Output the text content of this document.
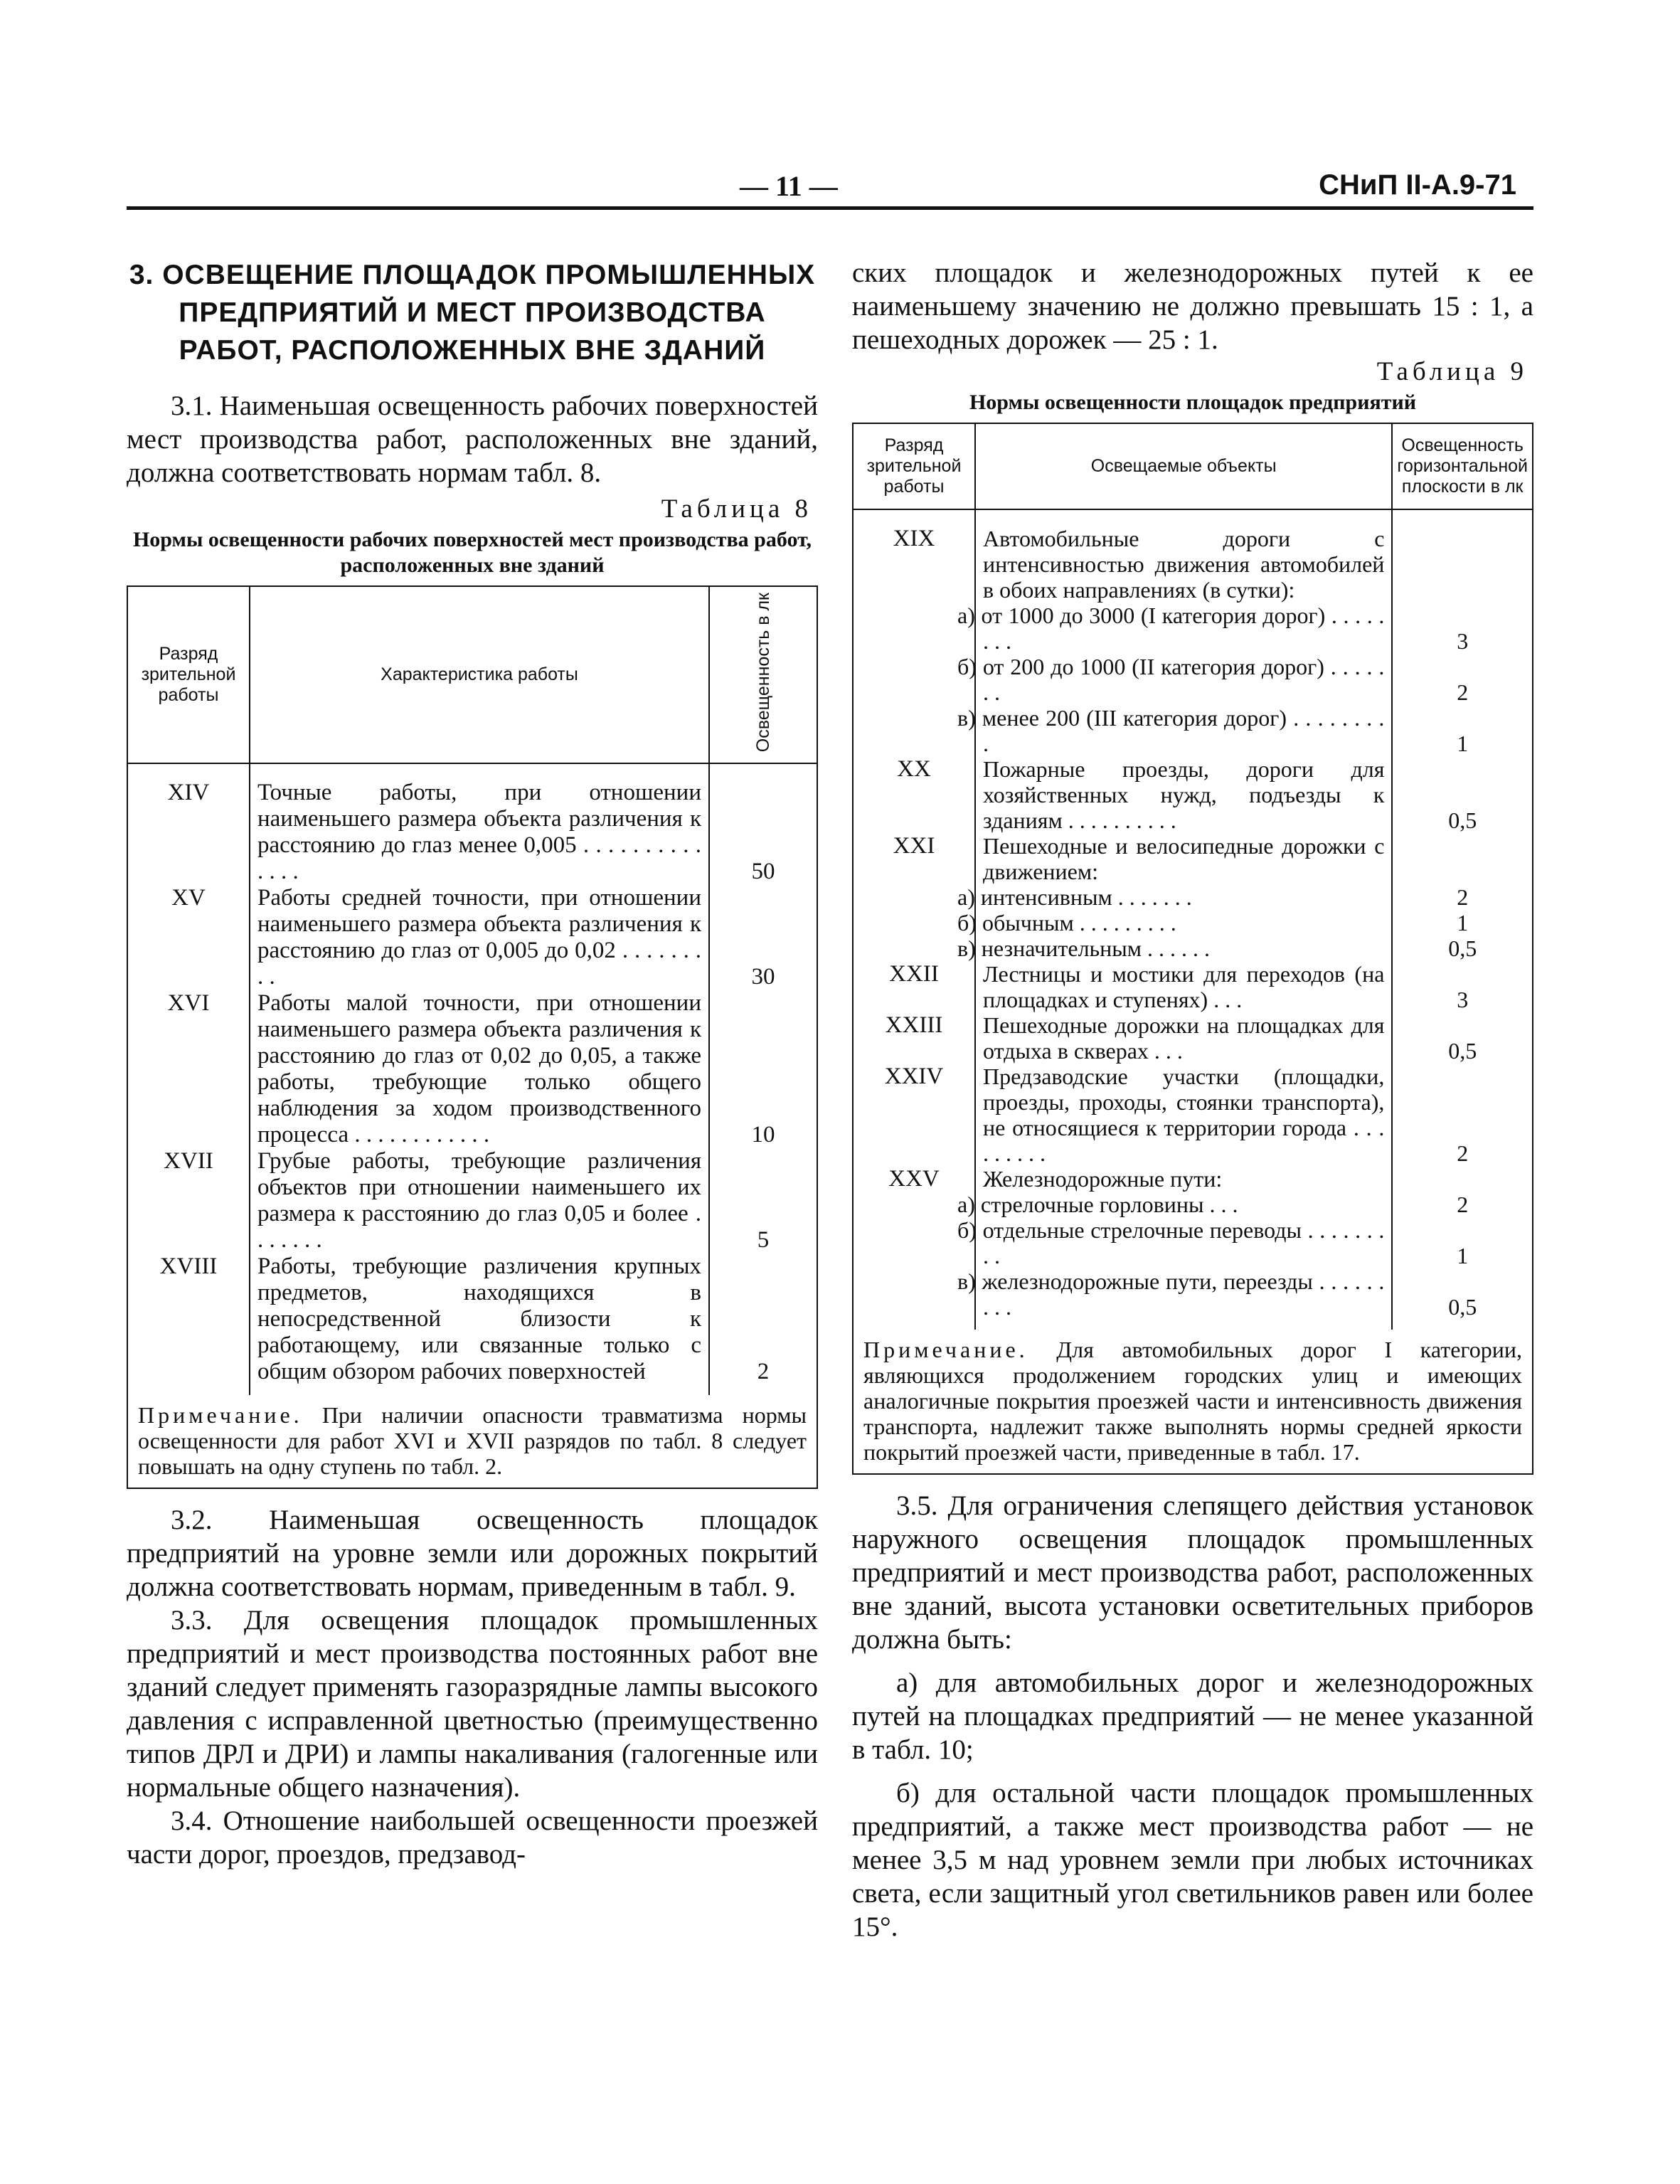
— 11 —	СНиП II-А.9-71
3. ОСВЕЩЕНИЕ ПЛОЩАДОК ПРОМЫШЛЕННЫХ ПРЕДПРИЯТИЙ И МЕСТ ПРОИЗВОДСТВА РАБОТ, РАСПОЛОЖЕННЫХ ВНЕ ЗДАНИЙ

3.1. Наименьшая освещенность рабочих поверхностей мест производства работ, расположенных вне зданий, должна соответствовать нормам табл. 8.

Таблица 8
Нормы освещенности рабочих поверхностей мест производства работ, расположенных вне зданий
Разряд зрительной работы	Характеристика работы	Освещенность в лк
XIV	Точные работы, при отношении наименьшего размера объекта различения к расстоянию до глаз менее 0,005 . . . . . . . . . . . . . .	50
XV	Работы средней точности, при отношении наименьшего размера объекта различения к расстоянию до глаз от 0,005 до 0,02 . . . . . . . . .	30
XVI	Работы малой точности, при отношении наименьшего размера объекта различения к расстоянию до глаз от 0,02 до 0,05, а также работы, требующие только общего наблюдения за ходом производственного процесса . . . . . . . . . . . .	10
XVII	Грубые работы, требующие различения объектов при отношении наименьшего их размера к расстоянию до глаз 0,05 и более . . . . . . .	5
XVIII	Работы, требующие различения крупных предметов, находящихся в непосредственной близости к работающему, или связанные только с общим обзором рабочих поверхностей	2
Примечание. При наличии опасности травматизма нормы освещенности для работ XVI и XVII разрядов по табл. 8 следует повышать на одну ступень по табл. 2.

3.2. Наименьшая освещенность площадок предприятий на уровне земли или дорожных покрытий должна соответствовать нормам, приведенным в табл. 9.

3.3. Для освещения площадок промышленных предприятий и мест производства постоянных работ вне зданий следует применять газоразрядные лампы высокого давления с исправленной цветностью (преимущественно типов ДРЛ и ДРИ) и лампы накаливания (галогенные или нормальные общего назначения).

3.4. Отношение наибольшей освещенности проезжей части дорог, проездов, предзавод-

ских площадок и железнодорожных путей к ее наименьшему значению не должно превышать 15 : 1, а пешеходных дорожек — 25 : 1.

Таблица 9
Нормы освещенности площадок предприятий
Разряд зрительной работы	Освещаемые объекты	Освещенность горизонтальной плоскости в лк
XIX	Автомобильные дороги с интенсивностью движения автомобилей в обоих направлениях (в сутки):	
	а) от 1000 до 3000 (I категория дорог) . . . . . . . .	3
	б) от 200 до 1000 (II категория дорог) . . . . . . .	2
	в) менее 200 (III категория дорог) . . . . . . . . .	1
XX	Пожарные проезды, дороги для хозяйственных нужд, подъезды к зданиям . . . . . . . . . .	0,5
XXI	Пешеходные и велосипедные дорожки с движением:	
	а) интенсивным . . . . . . .	2
	б) обычным . . . . . . . . .	1
	в) незначительным . . . . . .	0,5
XXII	Лестницы и мостики для переходов (на площадках и ступенях) . . .	3
XXIII	Пешеходные дорожки на площадках для отдыха в скверах . . .	0,5
XXIV	Предзаводские участки (площадки, проезды, проходы, стоянки транспорта), не относящиеся к территории города . . . . . . . . .	2
XXV	Железнодорожные пути:	
	а) стрелочные горловины . . .	2
	б) отдельные стрелочные переводы . . . . . . . . .	1
	в) железнодорожные пути, переезды . . . . . . . . .	0,5
Примечание. Для автомобильных дорог I категории, являющихся продолжением городских улиц и имеющих аналогичные покрытия проезжей части и интенсивность движения транспорта, надлежит также выполнять нормы средней яркости покрытий проезжей части, приведенные в табл. 17.

3.5. Для ограничения слепящего действия установок наружного освещения площадок промышленных предприятий и мест производства работ, расположенных вне зданий, высота установки осветительных приборов должна быть:

а) для автомобильных дорог и железнодорожных путей на площадках предприятий — не менее указанной в табл. 10;

б) для остальной части площадок промышленных предприятий, а также мест производства работ — не менее 3,5 м над уровнем земли при любых источниках света, если защитный угол светильников равен или более 15°.
